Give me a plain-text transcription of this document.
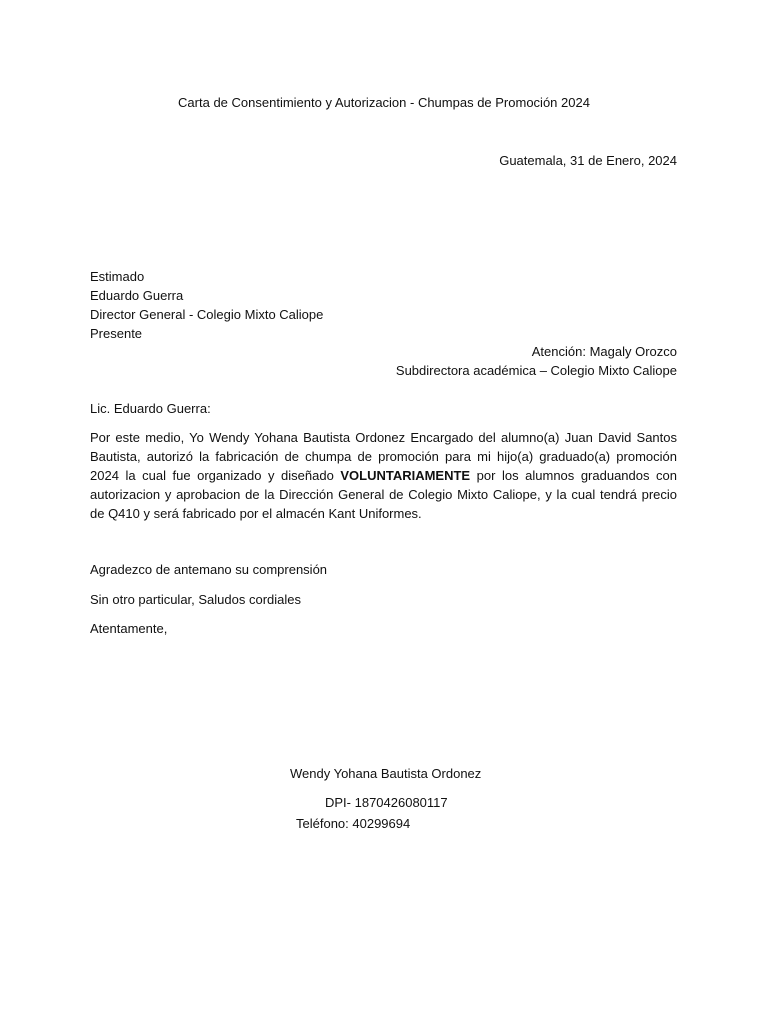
Carta de Consentimiento y Autorizacion - Chumpas de Promoción 2024
Guatemala, 31 de Enero, 2024
Estimado
Eduardo Guerra
Director General - Colegio Mixto Caliope
Presente
Atención: Magaly Orozco
Subdirectora académica – Colegio Mixto Caliope
Lic. Eduardo Guerra:
Por este medio, Yo Wendy Yohana Bautista Ordonez Encargado del alumno(a) Juan David Santos Bautista, autorizó la fabricación de chumpa de promoción para mi hijo(a) graduado(a) promoción 2024 la cual fue organizado y diseñado VOLUNTARIAMENTE por los alumnos graduandos con autorizacion y aprobacion de la Dirección General de Colegio Mixto Caliope, y la cual tendrá precio de Q410 y será fabricado por el almacén Kant Uniformes.
Agradezco de antemano su comprensión
Sin otro particular, Saludos cordiales
Atentamente,
Wendy Yohana Bautista Ordonez
DPI- 1870426080117
Teléfono: 40299694
